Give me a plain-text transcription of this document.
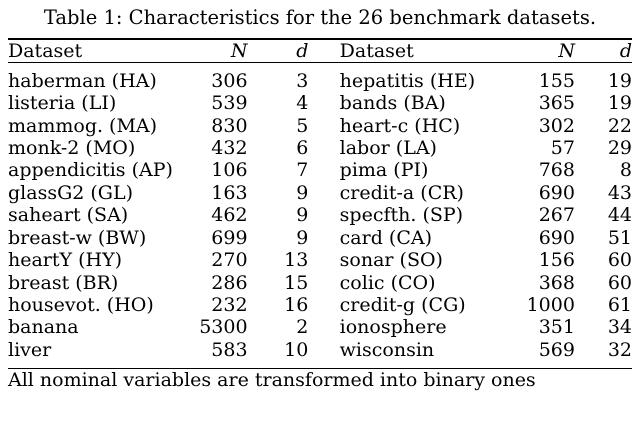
Table 1: Characteristics for the 26 benchmark datasets.

Dataset	N	d		Dataset	N	d

haberman (HA)	306	3		hepatitis (HE)	155	19
listeria (LI)	539	4		bands (BA)	365	19
mammog. (MA)	830	5		heart-c (HC)	302	22
monk-2 (MO)	432	6		labor (LA)	57	29
appendicitis (AP)	106	7		pima (PI)	768	8
glassG2 (GL)	163	9		credit-a (CR)	690	43
saheart (SA)	462	9		specfth. (SP)	267	44
breast-w (BW)	699	9		card (CA)	690	51
heartY (HY)	270	13		sonar (SO)	156	60
breast (BR)	286	15		colic (CO)	368	60
housevot. (HO)	232	16		credit-g (CG)	1000	61
banana	5300	2		ionosphere	351	34
liver	583	10		wisconsin	569	32

All nominal variables are transformed into binary ones						
